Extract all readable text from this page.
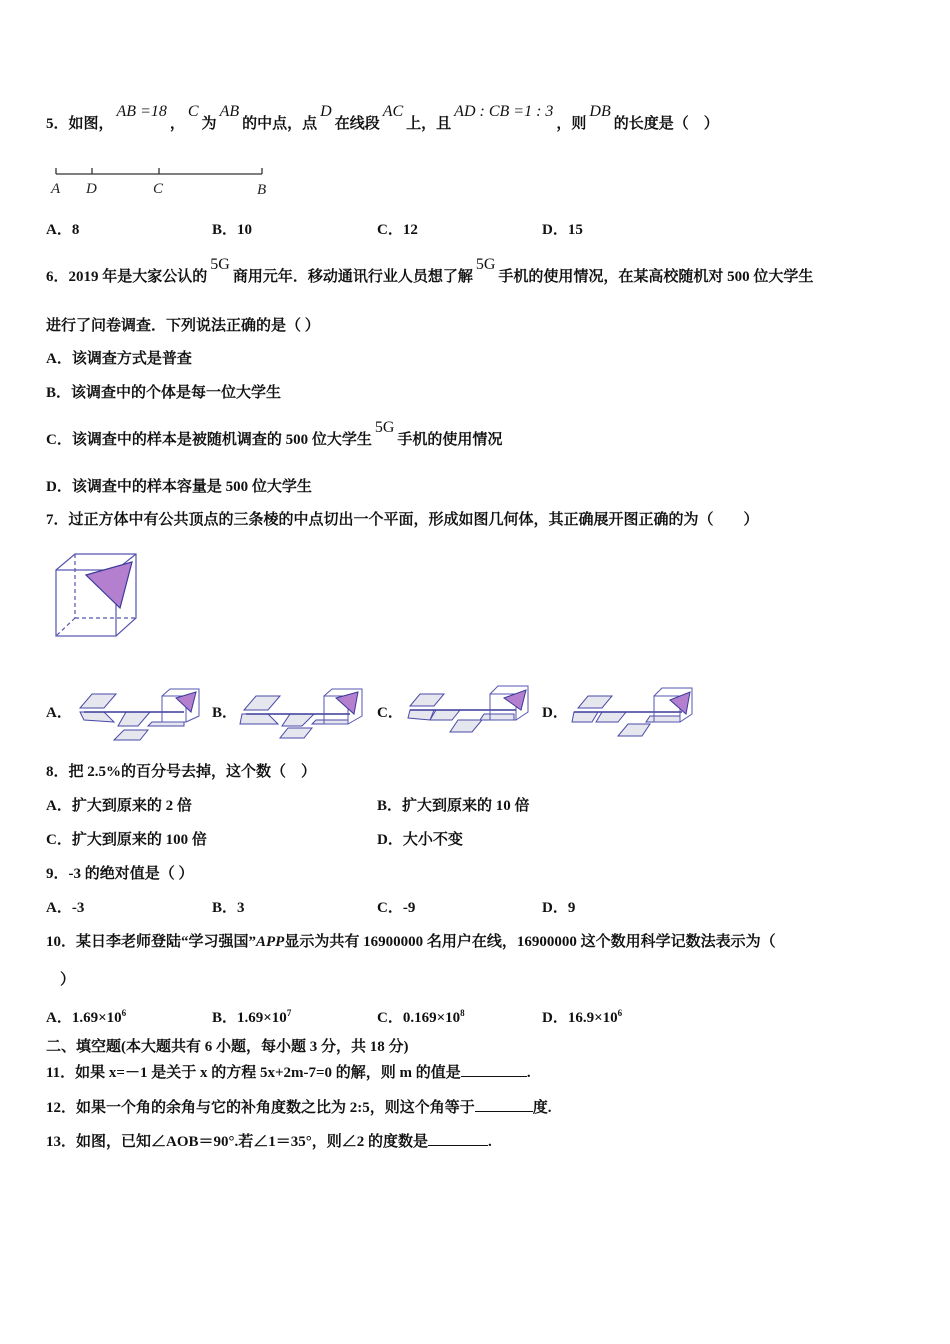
5．如图，AB =18，C为AB的中点，点D在线段AC上，且AD : CB =1 : 3，则DB的长度是（　）
A D	C	B
A．8	B．10	C．12	D．15
6．2019 年是大家公认的5G商用元年．移动通讯行业人员想了解5G手机的使用情况，在某高校随机对 500 位大学生
进行了问卷调查．下列说法正确的是（ ）
A．该调查方式是普查
B．该调查中的个体是每一位大学生
C．该调查中的样本是被随机调查的 500 位大学生5G手机的使用情况
D．该调查中的样本容量是 500 位大学生
7．过正方体中有公共顶点的三条棱的中点切出一个平面，形成如图几何体，其正确展开图正确的为（　　）
A．	B．	C．	D．
8．把 2.5%的百分号去掉，这个数（　）
A．扩大到原来的 2 倍	B．扩大到原来的 10 倍
C．扩大到原来的 100 倍	D．大小不变
9．-3 的绝对值是（ ）
A．-3	B．3	C．-9	D．9
10．某日李老师登陆“学习强国”APP显示为共有 16900000 名用户在线，16900000 这个数用科学记数法表示为（
）
A．$1.69\times 10^6$	B．$1.69\times 10^7$	C．$0.169\times 10^8$	D．$16.9\times 10^6$
二、填空题(本大题共有 6 小题，每小题 3 分，共 18 分)
11．如果 x=－1 是关于 x 的方程 5x+2m-7=0 的解，则 m 的值是	.
12．如果一个角的余角与它的补角度数之比为 2:5，则这个角等于	度.
13．如图，已知∠AOB＝90°.若∠1＝35°，则∠2 的度数是	.
